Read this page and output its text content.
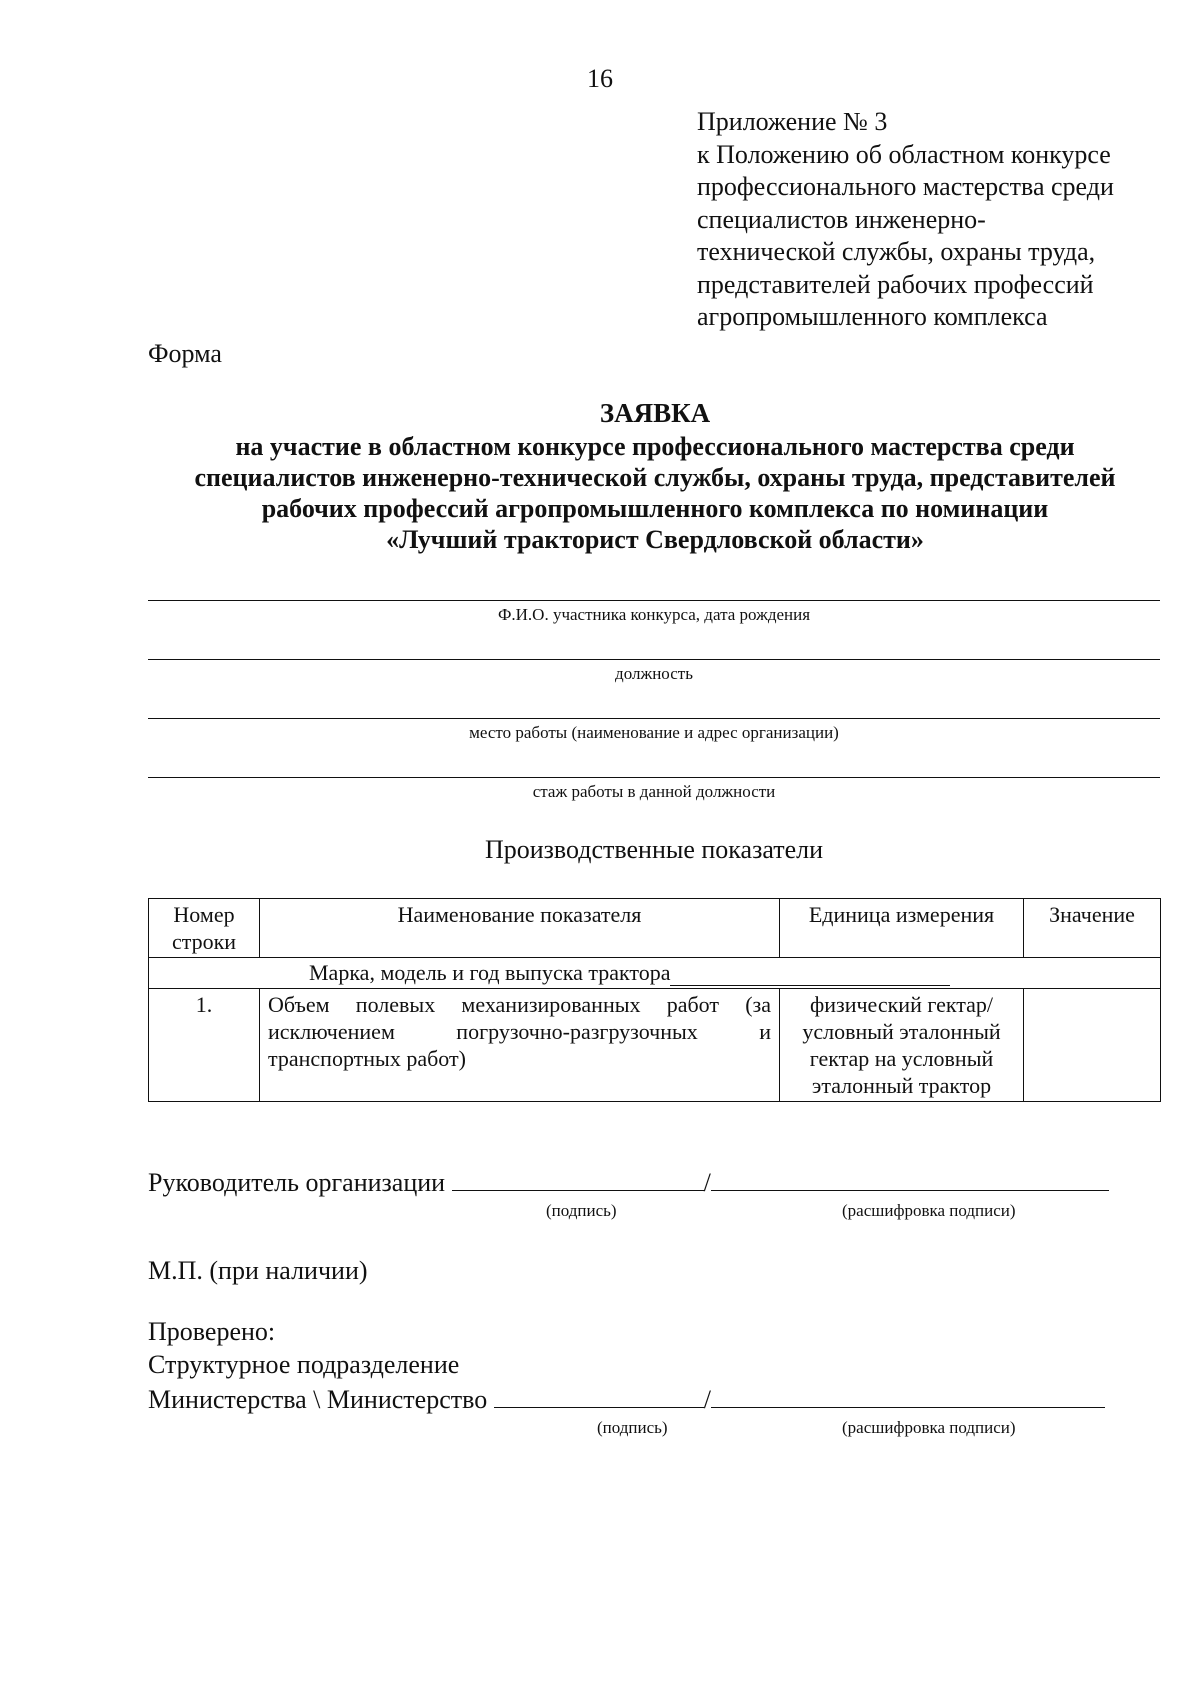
16
Приложение № 3
к Положению об областном конкурсе
профессионального мастерства среди
специалистов инженерно-
технической службы, охраны труда,
представителей рабочих профессий
агропромышленного комплекса
Форма
ЗАЯВКА
на участие в областном конкурсе профессионального мастерства среди
специалистов инженерно-технической службы, охраны труда, представителей
рабочих профессий агропромышленного комплекса по номинации
«Лучший тракторист Свердловской области»
Ф.И.О. участника конкурса, дата рождения
должность
место работы (наименование и адрес организации)
стаж работы в данной должности
Производственные показатели
Номер строки	Наименование показателя	Единица измерения	Значение
Марка, модель и год выпуска трактора			
1.	Объем полевых механизированных работ (за исключением погрузочно-разгрузочных и транспортных работ)	физический гектар/ условный эталонный гектар на условный эталонный трактор	
Руководитель организации	/
(подпись)	(расшифровка подписи)
М.П. (при наличии)
Проверено:
Структурное подразделение
Министерства \ Министерство	/
(подпись)	(расшифровка подписи)
